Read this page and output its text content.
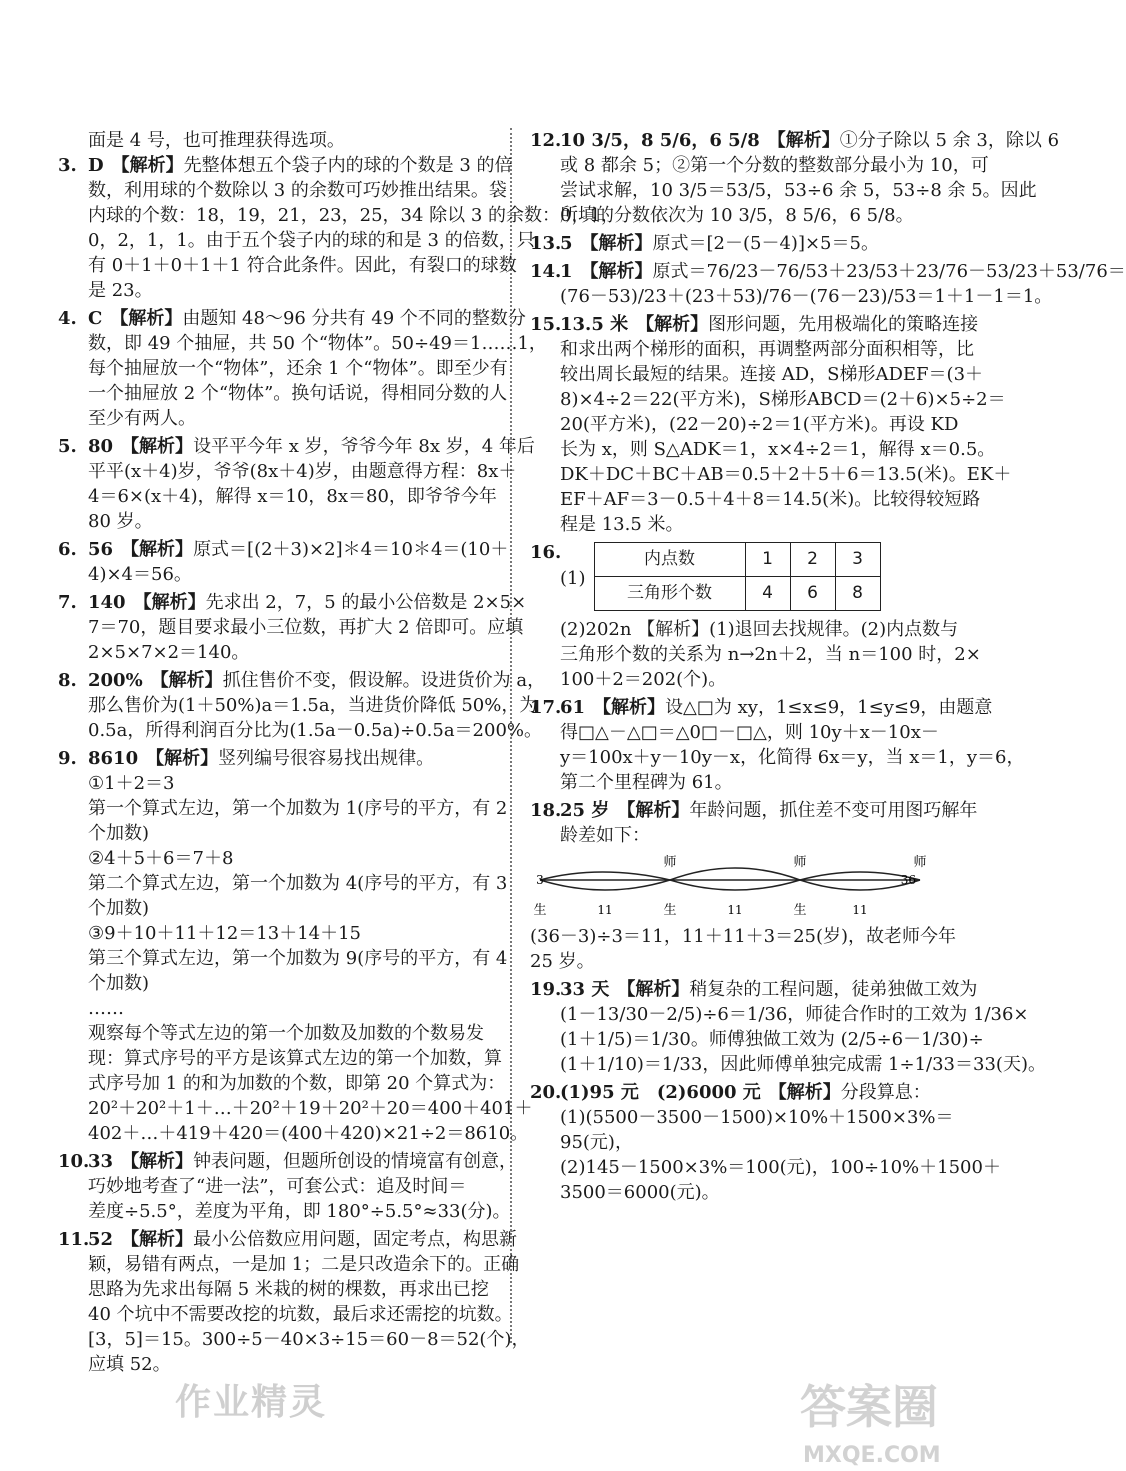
面是 4 号，也可推理获得选项。
3. D 【解析】先整体想五个袋子内的球的个数是 3 的倍
数，利用球的个数除以 3 的余数可巧妙推出结果。袋
内球的个数：18，19，21，23，25，34 除以 3 的余数：0，1，
0，2，1，1。由于五个袋子内的球的和是 3 的倍数，只
有 0＋1＋0＋1＋1 符合此条件。因此，有裂口的球数
是 23。
4. C 【解析】由题知 48～96 分共有 49 个不同的整数分
数，即 49 个抽屉，共 50 个“物体”。50÷49＝1……1，
每个抽屉放一个“物体”，还余 1 个“物体”。即至少有
一个抽屉放 2 个“物体”。换句话说，得相同分数的人
至少有两人。
5. 80 【解析】设平平今年 x 岁，爷爷今年 8x 岁，4 年后
平平(x＋4)岁，爷爷(8x＋4)岁，由题意得方程：8x＋
4＝6×(x＋4)，解得 x＝10，8x＝80，即爷爷今年
80 岁。
6. 56 【解析】原式＝[(2＋3)×2]＊4＝10＊4＝(10＋
4)×4＝56。
7. 140 【解析】先求出 2，7，5 的最小公倍数是 2×5×
7＝70，题目要求最小三位数，再扩大 2 倍即可。应填
2×5×7×2＝140。
8. 200% 【解析】抓住售价不变，假设解。设进货价为 a，
那么售价为(1＋50%)a＝1.5a，当进货价降低 50%，为
0.5a，所得利润百分比为(1.5a－0.5a)÷0.5a＝200%。
9. 8610 【解析】竖列编号很容易找出规律。
①1＋2＝3
第一个算式左边，第一个加数为 1(序号的平方，有 2
个加数)
②4＋5＋6＝7＋8
第二个算式左边，第一个加数为 4(序号的平方，有 3
个加数)
③9＋10＋11＋12＝13＋14＋15
第三个算式左边，第一个加数为 9(序号的平方，有 4
个加数)
……
观察每个等式左边的第一个加数及加数的个数易发
现：算式序号的平方是该算式左边的第一个加数，算
式序号加 1 的和为加数的个数，即第 20 个算式为：
20²＋20²＋1＋…＋20²＋19＋20²＋20＝400＋401＋
402＋…＋419＋420＝(400＋420)×21÷2＝8610。
10.
33 【解析】钟表问题，但题所创设的情境富有创意，
巧妙地考查了“进一法”，可套公式：追及时间＝
差度÷5.5°，差度为平角，即 180°÷5.5°≈33(分)。
11.
52 【解析】最小公倍数应用问题，固定考点，构思新
颖，易错有两点，一是加 1；二是只改造余下的。正确
思路为先求出每隔 5 米栽的树的棵数，再求出已挖
40 个坑中不需要改挖的坑数，最后求还需挖的坑数。
[3，5]＝15。300÷5－40×3÷15＝60－8＝52(个)，
应填 52。
12.
10 3/5，8 5/6，6 5/8 【解析】①分子除以 5 余 3，除以 6
或 8 都余 5；②第一个分数的整数部分最小为 10，可
尝试求解，10 3/5＝53/5，53÷6 余 5，53÷8 余 5。因此
所填的分数依次为 10 3/5，8 5/6，6 5/8。
13.
5 【解析】原式＝[2－(5－4)]×5＝5。
14.
1 【解析】原式＝76/23－76/53＋23/53＋23/76－53/23＋53/76＝
(76－53)/23＋(23＋53)/76－(76－23)/53＝1＋1－1＝1。
15.
13.5 米 【解析】图形问题，先用极端化的策略连接
和求出两个梯形的面积，再调整两部分面积相等，比
较出周长最短的结果。连接 AD，S梯形ADEF＝(3＋
8)×4÷2＝22(平方米)，S梯形ABCD＝(2＋6)×5÷2＝
20(平方米)，(22－20)÷2＝1(平方米)。再设 KD
长为 x，则 S△ADK＝1，x×4÷2＝1，解得 x＝0.5。
DK＋DC＋BC＋AB＝0.5＋2＋5＋6＝13.5(米)。EK＋
EF＋AF＝3－0.5＋4＋8＝14.5(米)。比较得较短路
程是 13.5 米。
16.
(1)
内点数	1	2	3
三角形个数	4	6	8
(2)202n 【解析】(1)退回去找规律。(2)内点数与
三角形个数的关系为 n→2n＋2，当 n＝100 时，2×
100＋2＝202(个)。
17.
61 【解析】设△□为 xy，1≤x≤9，1≤y≤9，由题意
得□△－△□＝△0□－□△，则 10y＋x－10x－
y＝100x＋y－10y－x，化简得 6x＝y，当 x＝1，y＝6，
第二个里程碑为 61。
18.
25 岁 【解析】年龄问题，抓住差不变可用图巧解年
龄差如下：
师	师	师
3	36
生	生	生
11	11	11
(36－3)÷3＝11，11＋11＋3＝25(岁)，故老师今年
25 岁。
19.
33 天 【解析】稍复杂的工程问题，徒弟独做工效为
(1－13/30－2/5)÷6＝1/36，师徒合作时的工效为 1/36×
(1＋1/5)＝1/30。师傅独做工效为 (2/5÷6－1/30)÷
(1＋1/10)＝1/33，因此师傅单独完成需 1÷1/33＝33(天)。
20.
(1)95 元　(2)6000 元 【解析】分段算息：
(1)(5500－3500－1500)×10%＋1500×3%＝
95(元)，
(2)145－1500×3%＝100(元)，100÷10%＋1500＋
3500＝6000(元)。
作业精灵	答案圈
MXQE.COM
